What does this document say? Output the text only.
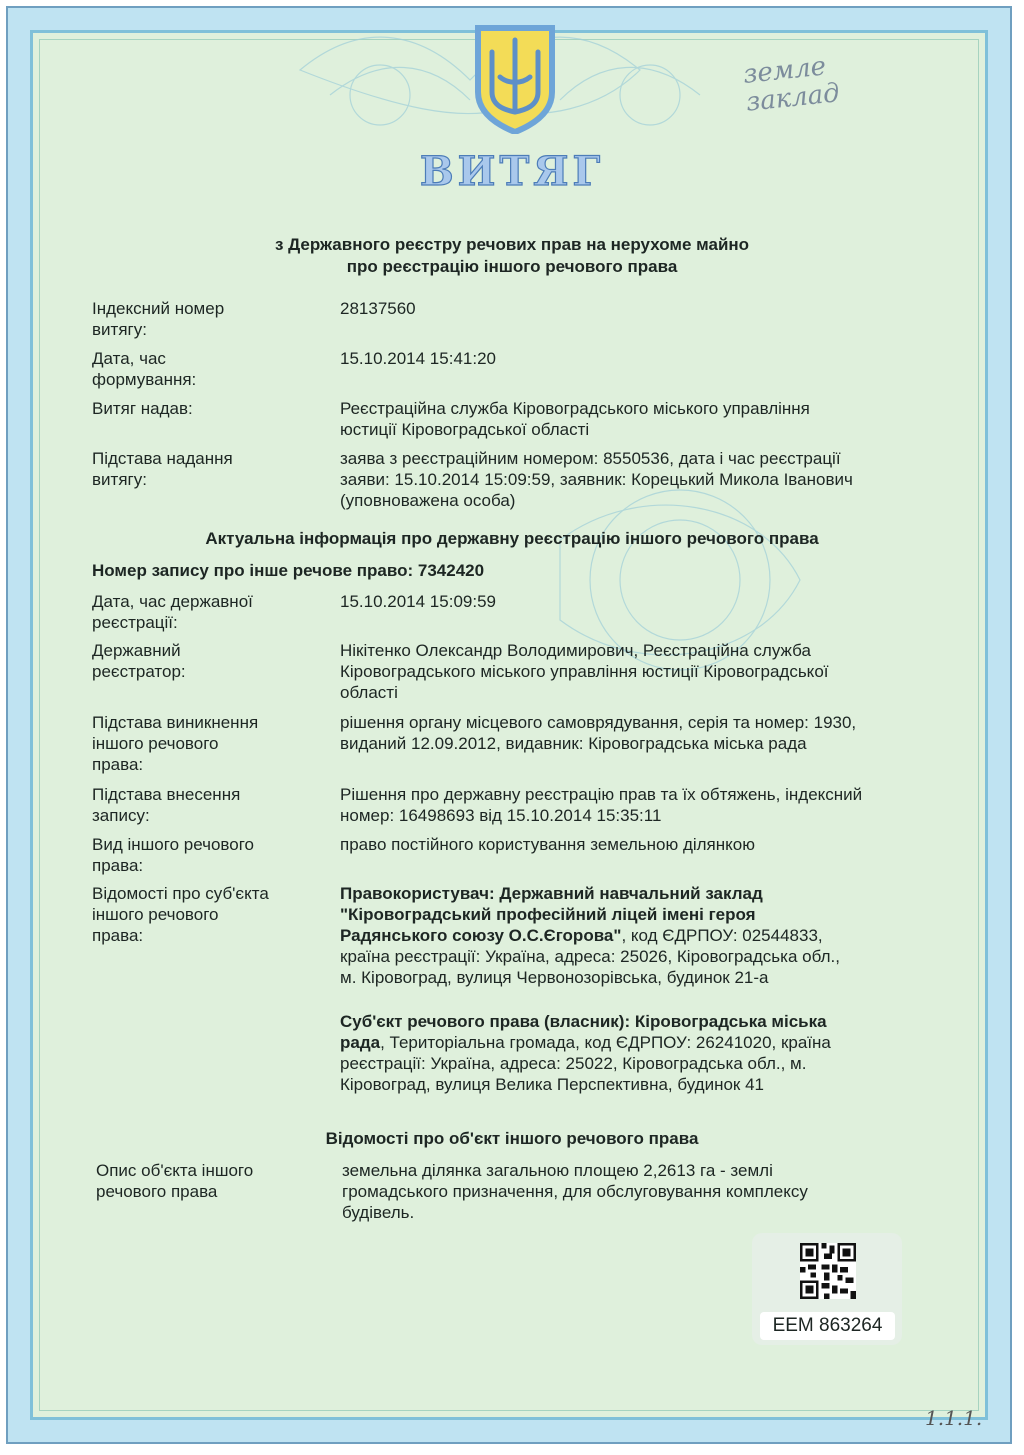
земле
заклад
ВИТЯГ
з Державного реєстру речових прав на нерухоме майно
про реєстрацію іншого речового права
Індексний номер
витягу:
28137560
Дата, час
формування:
15.10.2014 15:41:20
Витяг надав:	Реєстраційна служба Кіровоградського міського управління
юстиції Кіровоградської області
Підстава надання
витягу:
заява з реєстраційним номером: 8550536, дата і час реєстрації
заяви: 15.10.2014 15:09:59, заявник: Корецький Микола Іванович
(уповноважена особа)
Актуальна інформація про державну реєстрацію іншого речового права
Номер запису про інше речове право: 7342420
Дата, час державної
реєстрації:
15.10.2014 15:09:59
Державний
реєстратор:
Нікітенко Олександр Володимирович, Реєстраційна служба
Кіровоградського міського управління юстиції Кіровоградської
області
Підстава виникнення
іншого речового
права:
рішення органу місцевого самоврядування, серія та номер: 1930,
виданий 12.09.2012, видавник: Кіровоградська міська рада
Підстава внесення
запису:
Рішення про державну реєстрацію прав та їх обтяжень, індексний
номер: 16498693 від 15.10.2014 15:35:11
Вид іншого речового
права:
право постійного користування земельною ділянкою
Відомості про суб'єкта
іншого речового
права:
Правокористувач: Державний навчальний заклад
"Кіровоградський професійний ліцей імені героя
Радянського союзу О.С.Єгорова", код ЄДРПОУ: 02544833,
країна реєстрації: Україна, адреса: 25026, Кіровоградська обл.,
м. Кіровоград, вулиця Червонозорівська, будинок 21-а
Суб'єкт речового права (власник): Кіровоградська міська
рада, Територіальна громада, код ЄДРПОУ: 26241020, країна
реєстрації: Україна, адреса: 25022, Кіровоградська обл., м.
Кіровоград, вулиця Велика Перспективна, будинок 41
Відомості про об'єкт іншого речового права
Опис об'єкта іншого
речового права
земельна ділянка загальною площею 2,2613 га - землі
громадського призначення, для обслуговування комплексу
будівель.
ЕЕМ 863264
1.1.1.
